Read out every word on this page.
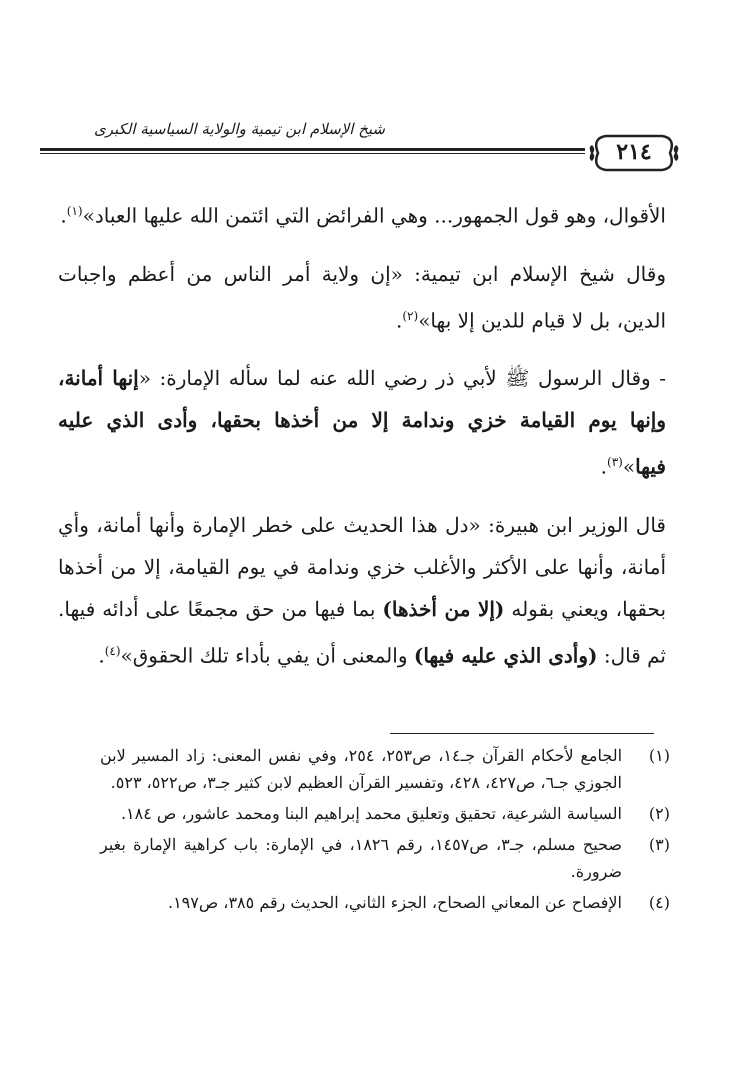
شيخ الإسلام ابن تيمية والولاية السياسية الكبرى
٢١٤

الأقوال، وهو قول الجمهور... وهي الفرائض التي ائتمن الله عليها العباد»$^{(١)}$.

وقال شيخ الإسلام ابن تيمية: «إن ولاية أمر الناس من أعظم واجبات الدين، بل لا قيام للدين إلا بها»$^{(٢)}$.

- وقال الرسول ﷺ لأبي ذر رضي الله عنه لما سأله الإمارة: «إنها أمانة، وإنها يوم القيامة خزي وندامة إلا من أخذها بحقها، وأدى الذي عليه فيها»$^{(٣)}$.

قال الوزير ابن هبيرة: «دل هذا الحديث على خطر الإمارة وأنها أمانة، وأي أمانة، وأنها على الأكثر والأغلب خزي وندامة في يوم القيامة، إلا من أخذها بحقها، ويعني بقوله (إلا من أخذها) بما فيها من حق مجمعًا على أدائه فيها. ثم قال: (وأدى الذي عليه فيها) والمعنى أن يفي بأداء تلك الحقوق»$^{(٤)}$.

(١)
الجامع لأحكام القرآن جـ١٤، ص٢٥٣، ٢٥٤، وفي نفس المعنى: زاد المسير لابن الجوزي جـ٦، ص٤٢٧، ٤٢٨، وتفسير القرآن العظيم لابن كثير جـ٣، ص٥٢٢، ٥٢٣.
(٢)
السياسة الشرعية، تحقيق وتعليق محمد إبراهيم البنا ومحمد عاشور، ص ١٨٤.
(٣)
صحيح مسلم، جـ٣، ص١٤٥٧، رقم ١٨٢٦، في الإمارة: باب كراهية الإمارة بغير ضرورة.
(٤)
الإفصاح عن المعاني الصحاح، الجزء الثاني، الحديث رقم ٣٨٥، ص١٩٧.
